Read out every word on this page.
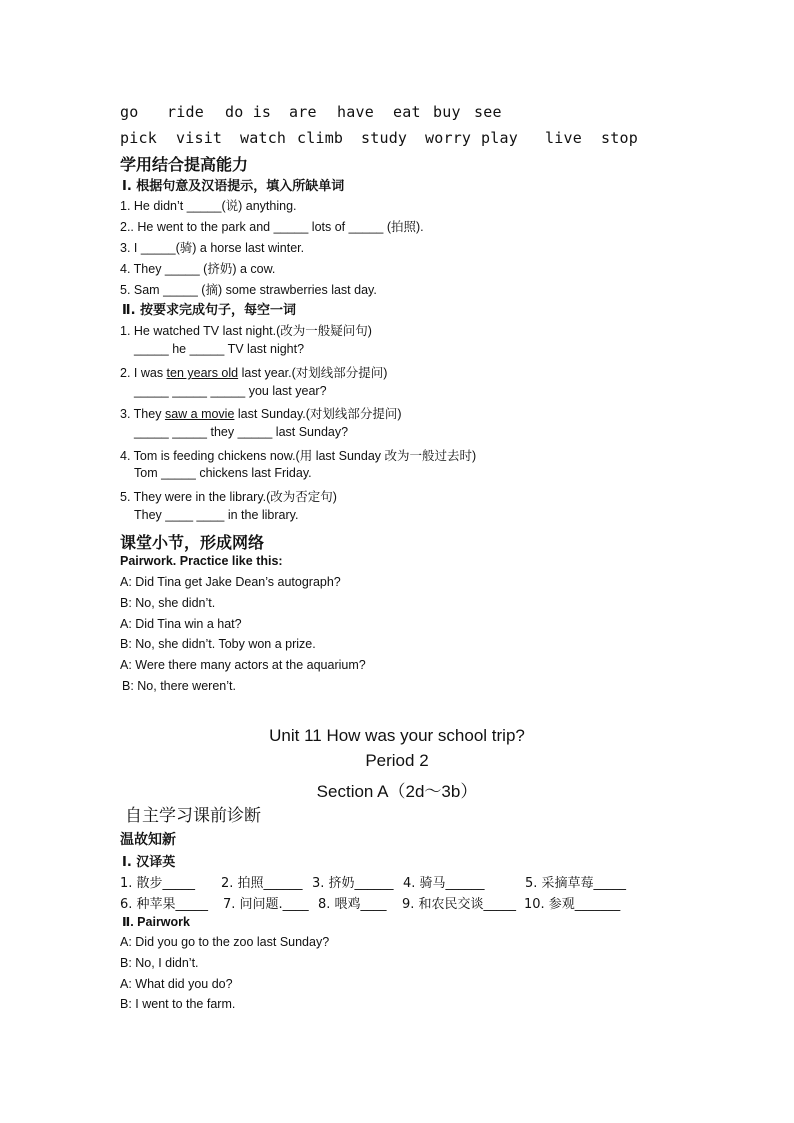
go ride do is are have eat buy see
pick visit watch climb study worry play live stop
学用结合提高能力
Ⅰ. 根据句意及汉语提示，填入所缺单词
1. He didn’t _____(说) anything.
2.. He went to the park and _____ lots of _____ (拍照).
3. I _____(骑) a horse last winter.
4. They _____ (挤奶) a cow.
5. Sam _____ (摘) some strawberries last day.
Ⅱ. 按要求完成句子，每空一词
1. He watched TV last night.(改为一般疑问句)
_____ he _____ TV last night?
2. I was ten years old last year.(对划线部分提问)
_____ _____ _____ you last year?
3. They saw a movie last Sunday.(对划线部分提问)
_____ _____ they _____ last Sunday?
4. Tom is feeding chickens now.(用 last Sunday 改为一般过去时)
Tom _____ chickens last Friday.
5. They were in the library.(改为否定句)
They ____ ____ in the library.
课堂小节，形成网络
Pairwork. Practice like this:
A: Did Tina get Jake Dean’s autograph?
B: No, she didn’t.
A: Did Tina win a hat?
B: No, she didn’t. Toby won a prize.
A: Were there many actors at the aquarium?
B: No, there weren’t.
Unit 11 How was your school trip?
Period 2
Section A（2d～3b）
自主学习课前诊断
温故知新
Ⅰ. 汉译英
1. 散步_____ 2. 拍照______ 3. 挤奶______ 4. 骑马______	5. 采摘草莓_____
6. 种苹果_____ 7. 问问题.____ 8. 喂鸡____ 9. 和农民交谈_____ 10. 参观_______
Ⅱ. Pairwork
A: Did you go to the zoo last Sunday?
B: No, I didn’t.
A: What did you do?
B: I went to the farm.
